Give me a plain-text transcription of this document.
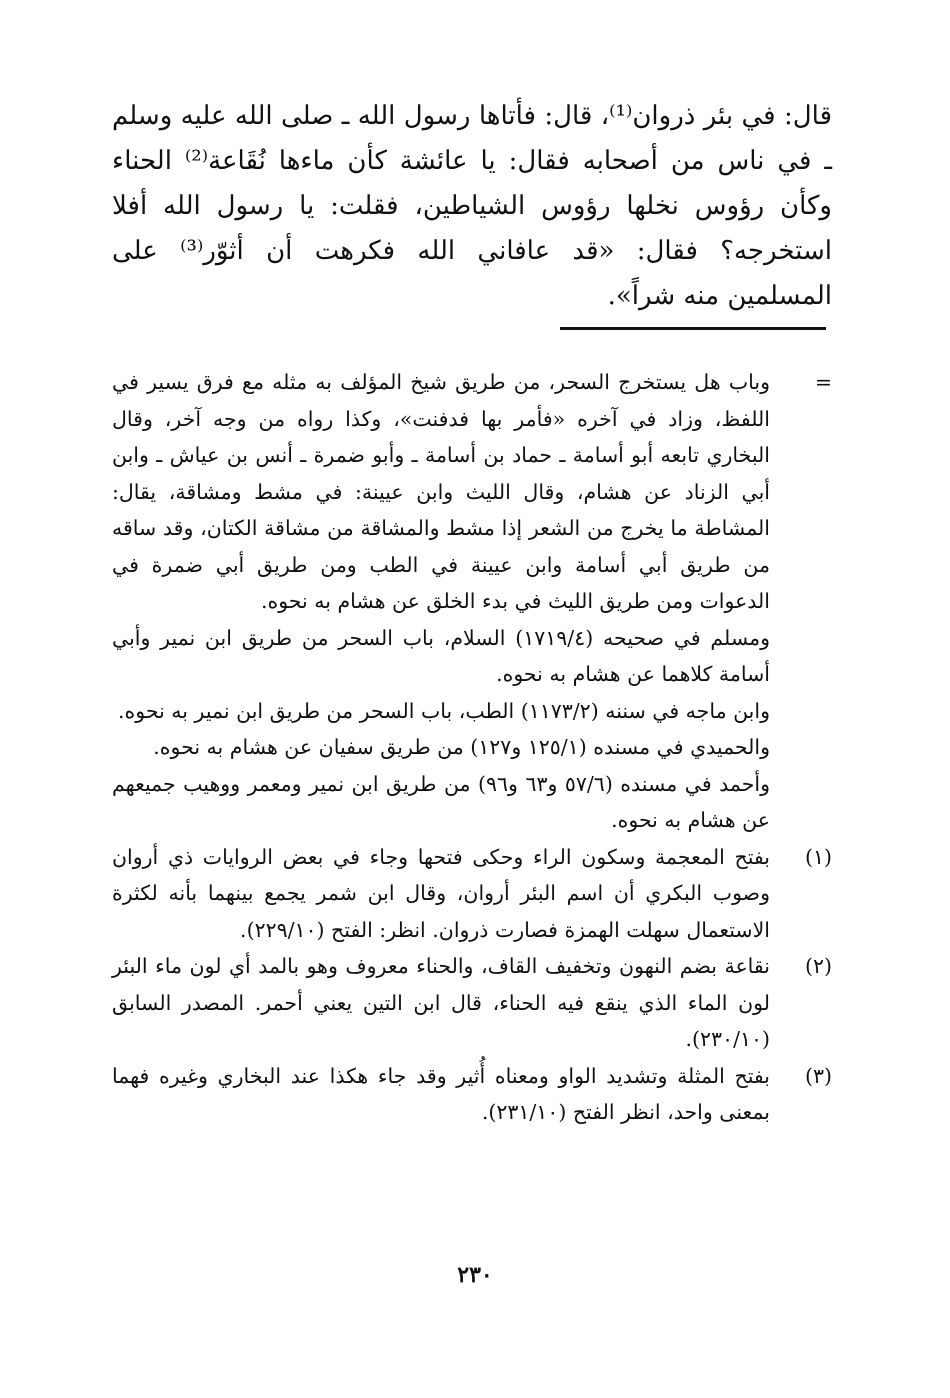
قال: في بئر ذروان⁽¹⁾، قال: فأتاها رسول الله ـ صلى الله عليه وسلم ـ في ناس من أصحابه فقال: يا عائشة كأن ماءها نُقَاعة⁽²⁾ الحناء وكأن رؤوس نخلها رؤوس الشياطين، فقلت: يا رسول الله أفلا استخرجه؟ فقال: «قد عافاني الله فكرهت أن أثوّر⁽³⁾ على المسلمين منه شراً».

=

وباب هل يستخرج السحر، من طريق شيخ المؤلف به مثله مع فرق يسير في اللفظ، وزاد في آخره «فأمر بها فدفنت»، وكذا رواه من وجه آخر، وقال البخاري تابعه أبو أسامة ـ حماد بن أسامة ـ وأبو ضمرة ـ أنس بن عياش ـ وابن أبي الزناد عن هشام، وقال الليث وابن عيينة: في مشط ومشاقة، يقال: المشاطة ما يخرج من الشعر إذا مشط والمشاقة من مشاقة الكتان، وقد ساقه من طريق أبي أسامة وابن عيينة في الطب ومن طريق أبي ضمرة في الدعوات ومن طريق الليث في بدء الخلق عن هشام به نحوه.

ومسلم في صحيحه (١٧١٩/٤) السلام، باب السحر من طريق ابن نمير وأبي أسامة كلاهما عن هشام به نحوه.

وابن ماجه في سننه (١١٧٣/٢) الطب، باب السحر من طريق ابن نمير به نحوه.

والحميدي في مسنده (١٢٥/١ و١٢٧) من طريق سفيان عن هشام به نحوه.

وأحمد في مسنده (٥٧/٦ و٦٣ و٩٦) من طريق ابن نمير ومعمر ووهيب جميعهم عن هشام به نحوه.

(١)
بفتح المعجمة وسكون الراء وحكى فتحها وجاء في بعض الروايات ذي أروان وصوب البكري أن اسم البئر أروان، وقال ابن شمر يجمع بينهما بأنه لكثرة الاستعمال سهلت الهمزة فصارت ذروان. انظر: الفتح (٢٢٩/١٠).
(٢)
نقاعة بضم النهون وتخفيف القاف، والحناء معروف وهو بالمد أي لون ماء البئر لون الماء الذي ينقع فيه الحناء، قال ابن التين يعني أحمر. المصدر السابق (٢٣٠/١٠).
(٣)
بفتح المثلة وتشديد الواو ومعناه أُثير وقد جاء هكذا عند البخاري وغيره فهما بمعنى واحد، انظر الفتح (٢٣١/١٠).
٢٣٠
